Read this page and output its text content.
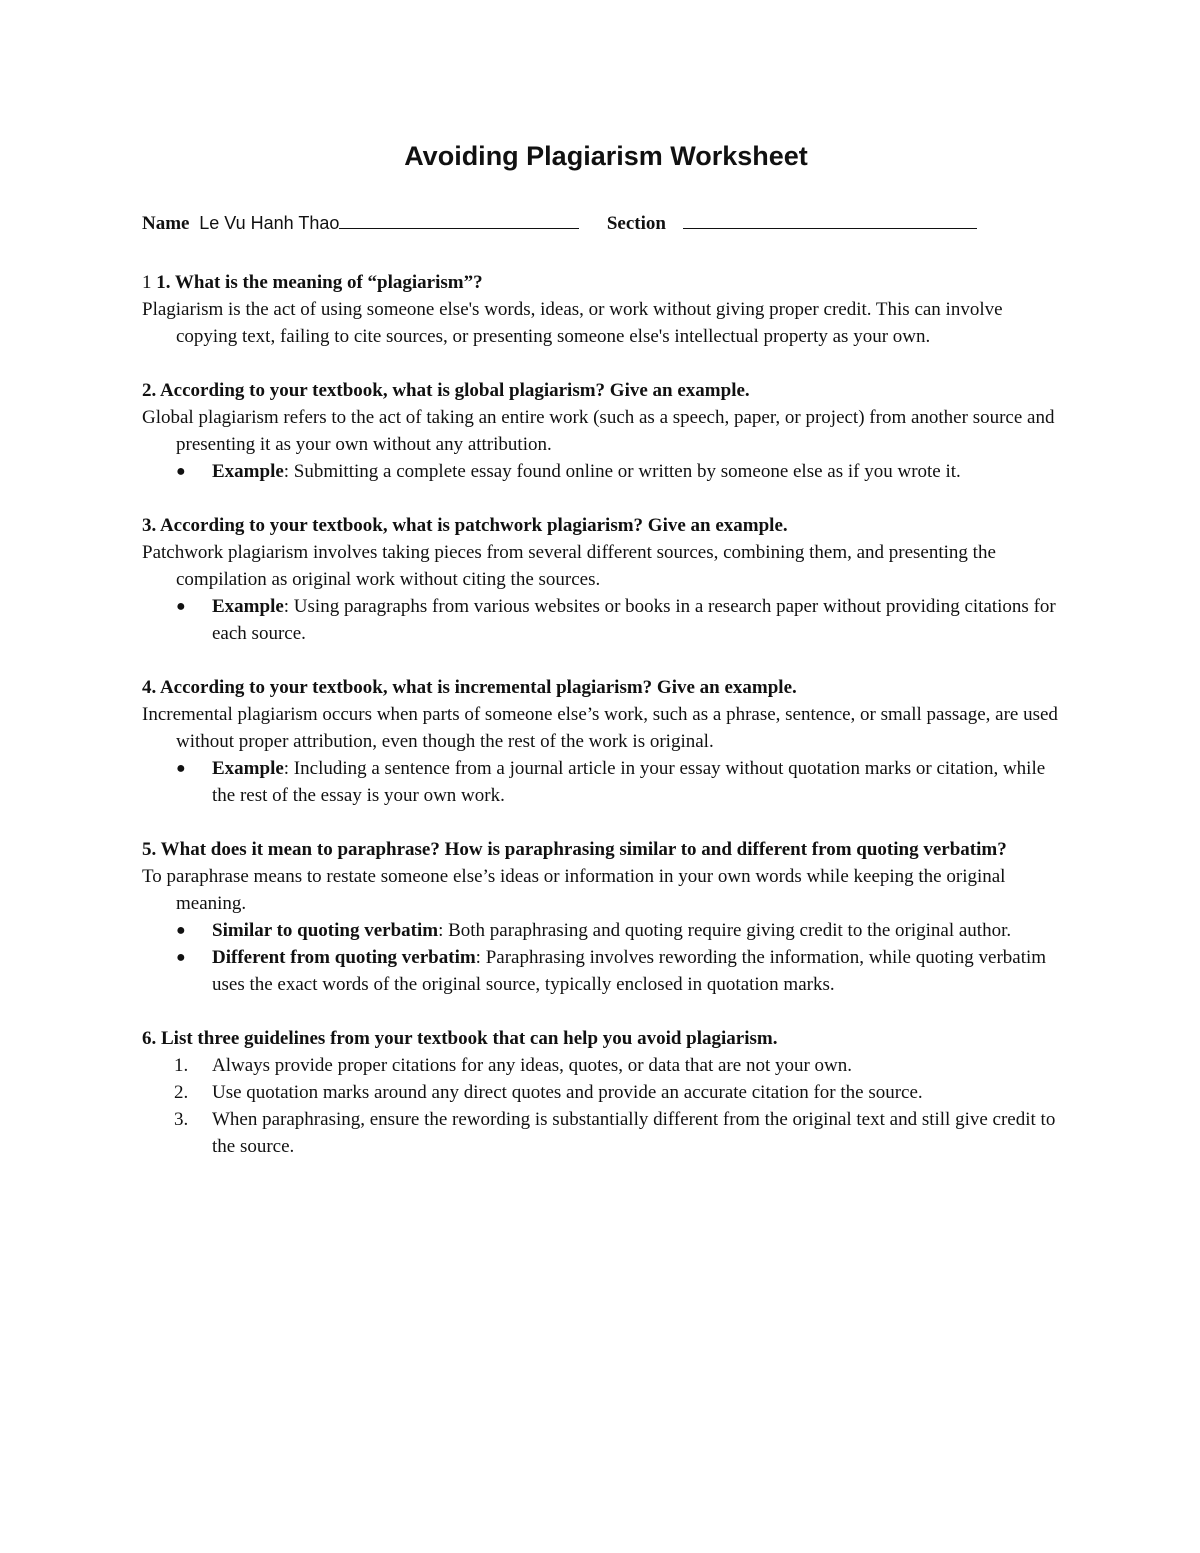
Avoiding Plagiarism Worksheet
Name Le Vu Hanh Thao	Section

1 1. What is the meaning of “plagiarism”?

Plagiarism is the act of using someone else's words, ideas, or work without giving proper credit. This can involve copying text, failing to cite sources, or presenting someone else's intellectual property as your own.

2. According to your textbook, what is global plagiarism? Give an example.

Global plagiarism refers to the act of taking an entire work (such as a speech, paper, or project) from another source and presenting it as your own without any attribution.

● Example: Submitting a complete essay found online or written by someone else as if you wrote it.

3. According to your textbook, what is patchwork plagiarism? Give an example.

Patchwork plagiarism involves taking pieces from several different sources, combining them, and presenting the compilation as original work without citing the sources.

● Example: Using paragraphs from various websites or books in a research paper without providing citations for each source.

4. According to your textbook, what is incremental plagiarism? Give an example.

Incremental plagiarism occurs when parts of someone else’s work, such as a phrase, sentence, or small passage, are used without proper attribution, even though the rest of the work is original.

● Example: Including a sentence from a journal article in your essay without quotation marks or citation, while the rest of the essay is your own work.

5. What does it mean to paraphrase? How is paraphrasing similar to and different from quoting verbatim?

To paraphrase means to restate someone else’s ideas or information in your own words while keeping the original meaning.

● Similar to quoting verbatim: Both paraphrasing and quoting require giving credit to the original author.
● Different from quoting verbatim: Paraphrasing involves rewording the information, while quoting verbatim uses the exact words of the original source, typically enclosed in quotation marks.

6. List three guidelines from your textbook that can help you avoid plagiarism.

1. Always provide proper citations for any ideas, quotes, or data that are not your own.
2. Use quotation marks around any direct quotes and provide an accurate citation for the source.
3. When paraphrasing, ensure the rewording is substantially different from the original text and still give credit to the source.
